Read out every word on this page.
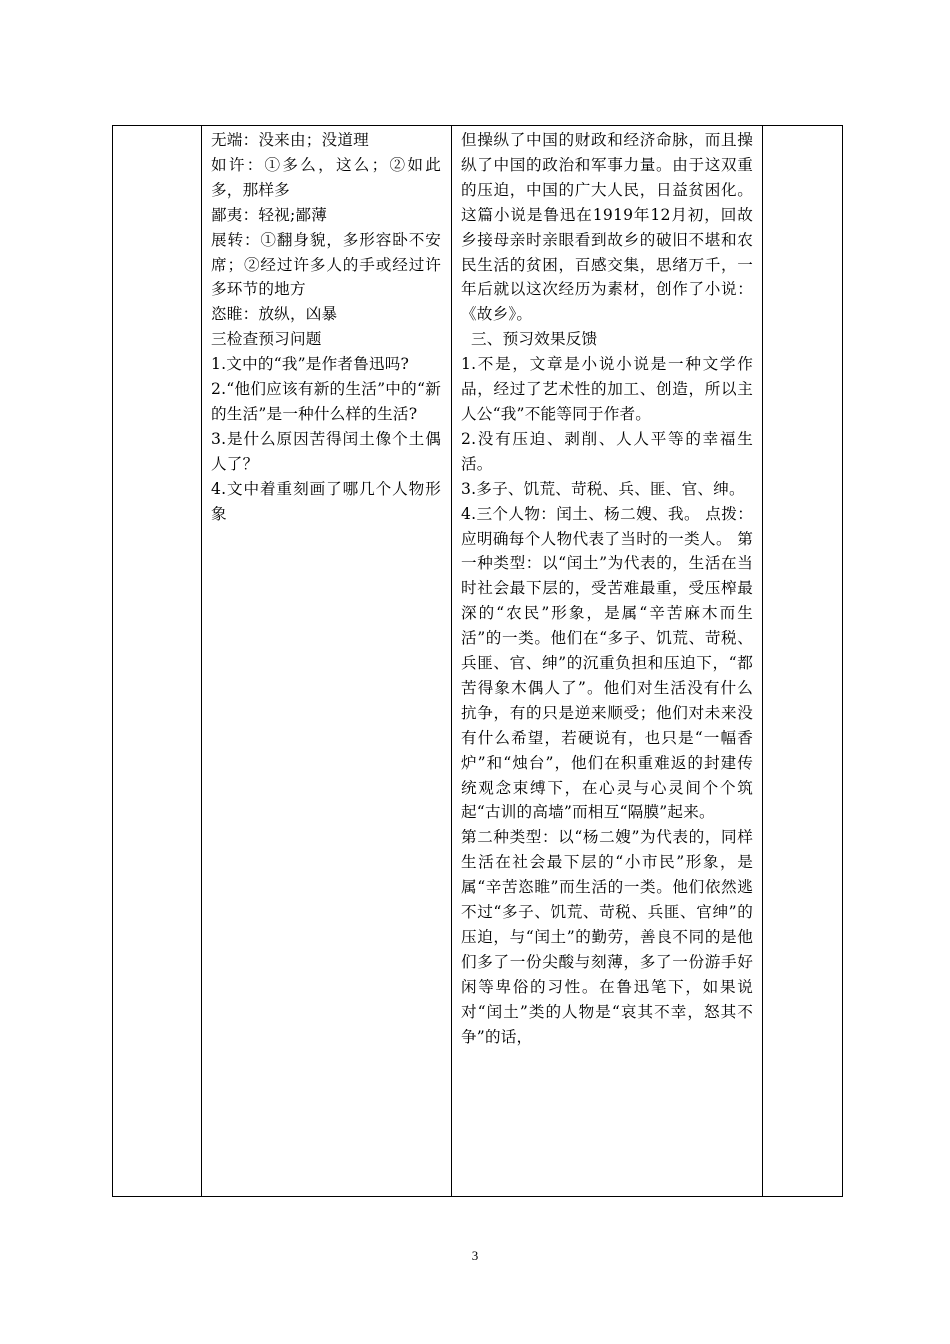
无端：没来由；没道理
如许：①多么，这么；②如此多，那样多
鄙夷：轻视;鄙薄
展转：①翻身貌，多形容卧不安席；②经过许多人的手或经过许多环节的地方
恣睢：放纵，凶暴
三检查预习问题
1.文中的“我”是作者鲁迅吗?
2.“他们应该有新的生活”中的“新的生活”是一种什么样的生活?
3.是什么原因苦得闰土像个土偶人了？
4.文中着重刻画了哪几个人物形象

但操纵了中国的财政和经济命脉，而且操纵了中国的政治和军事力量。由于这双重的压迫，中国的广大人民，日益贫困化。这篇小说是鲁迅在1919年12月初，回故乡接母亲时亲眼看到故乡的破旧不堪和农民生活的贫困，百感交集，思绪万千，一年后就以这次经历为素材，创作了小说：《故乡》。
三、预习效果反馈
1.不是，文章是小说小说是一种文学作品，经过了艺术性的加工、创造，所以主人公“我”不能等同于作者。
2.没有压迫、剥削、人人平等的幸福生活。
3.多子、饥荒、苛税、兵、匪、官、绅。
4.三个人物：闰土、杨二嫂、我。 点拨：应明确每个人物代表了当时的一类人。 第一种类型：以“闰土”为代表的，生活在当时社会最下层的，受苦难最重，受压榨最深的“农民”形象，是属“辛苦麻木而生活”的一类。他们在“多子、饥荒、苛税、兵匪、官、绅”的沉重负担和压迫下，“都苦得象木偶人了”。他们对生活没有什么抗争，有的只是逆来顺受；他们对未来没有什么希望，若硬说有，也只是“一幅香炉”和“烛台”，他们在积重难返的封建传统观念束缚下，在心灵与心灵间个个筑起“古训的高墙”而相互“隔膜”起来。
第二种类型：以“杨二嫂”为代表的，同样生活在社会最下层的“小市民”形象，是属“辛苦恣睢”而生活的一类。他们依然逃不过“多子、饥荒、苛税、兵匪、官绅”的压迫，与“闰土”的勤劳，善良不同的是他们多了一份尖酸与刻薄，多了一份游手好闲等卑俗的习性。在鲁迅笔下，如果说对“闰土”类的人物是“哀其不幸，怒其不争”的话，

3
